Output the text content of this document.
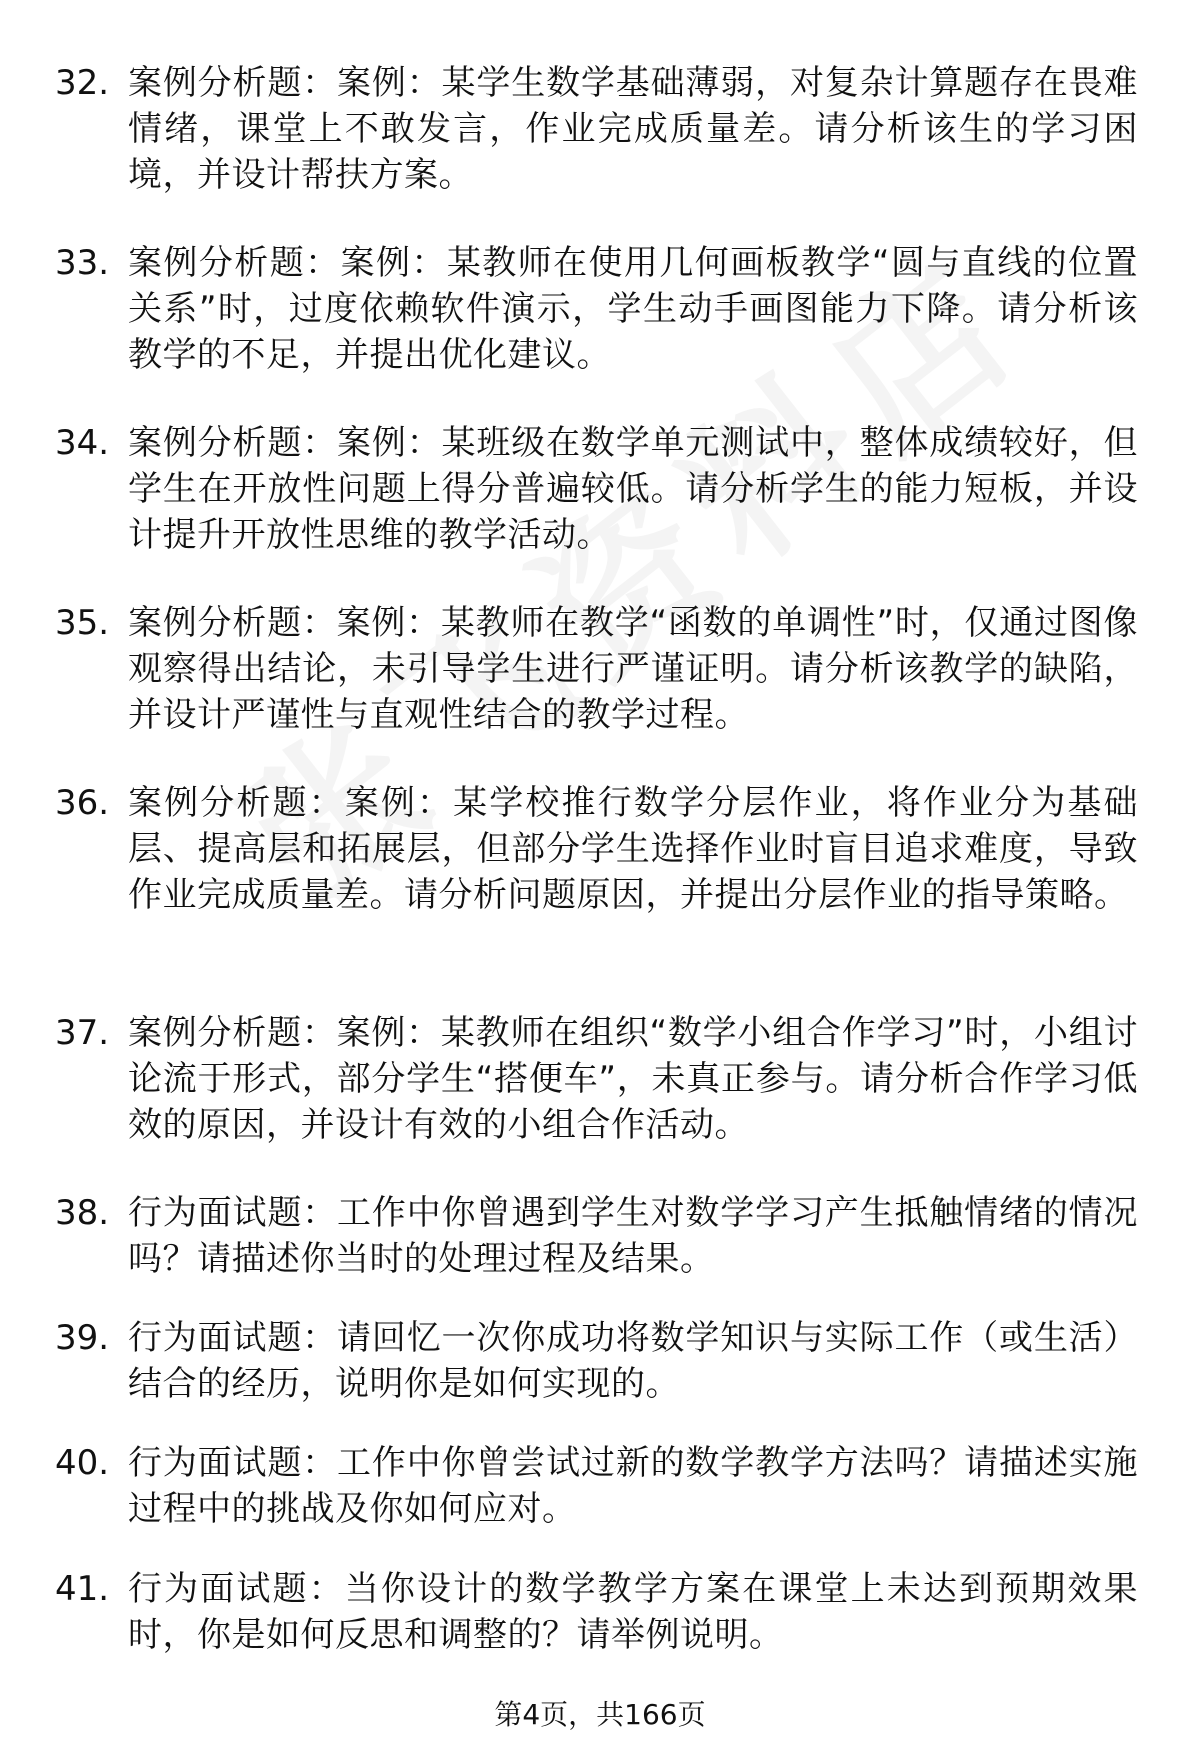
32. 案例分析题：案例：某学生数学基础薄弱，对复杂计算题存在畏难情绪，课堂上不敢发言，作业完成质量差。请分析该生的学习困境，并设计帮扶方案。
33. 案例分析题：案例：某教师在使用几何画板教学“圆与直线的位置关系”时，过度依赖软件演示，学生动手画图能力下降。请分析该教学的不足，并提出优化建议。
34. 案例分析题：案例：某班级在数学单元测试中，整体成绩较好，但学生在开放性问题上得分普遍较低。请分析学生的能力短板，并设计提升开放性思维的教学活动。
35. 案例分析题：案例：某教师在教学“函数的单调性”时，仅通过图像观察得出结论，未引导学生进行严谨证明。请分析该教学的缺陷，并设计严谨性与直观性结合的教学过程。
36. 案例分析题：案例：某学校推行数学分层作业，将作业分为基础层、提高层和拓展层，但部分学生选择作业时盲目追求难度，导致作业完成质量差。请分析问题原因，并提出分层作业的指导策略。
37. 案例分析题：案例：某教师在组织“数学小组合作学习”时，小组讨论流于形式，部分学生“搭便车”，未真正参与。请分析合作学习低效的原因，并设计有效的小组合作活动。
38. 行为面试题：工作中你曾遇到学生对数学学习产生抵触情绪的情况吗？请描述你当时的处理过程及结果。
39. 行为面试题：请回忆一次你成功将数学知识与实际工作（或生活）结合的经历，说明你是如何实现的。
40. 行为面试题：工作中你曾尝试过新的数学教学方法吗？请描述实施过程中的挑战及你如何应对。
41. 行为面试题：当你设计的数学教学方案在课堂上未达到预期效果时，你是如何反思和调整的？请举例说明。
第4页，共166页
